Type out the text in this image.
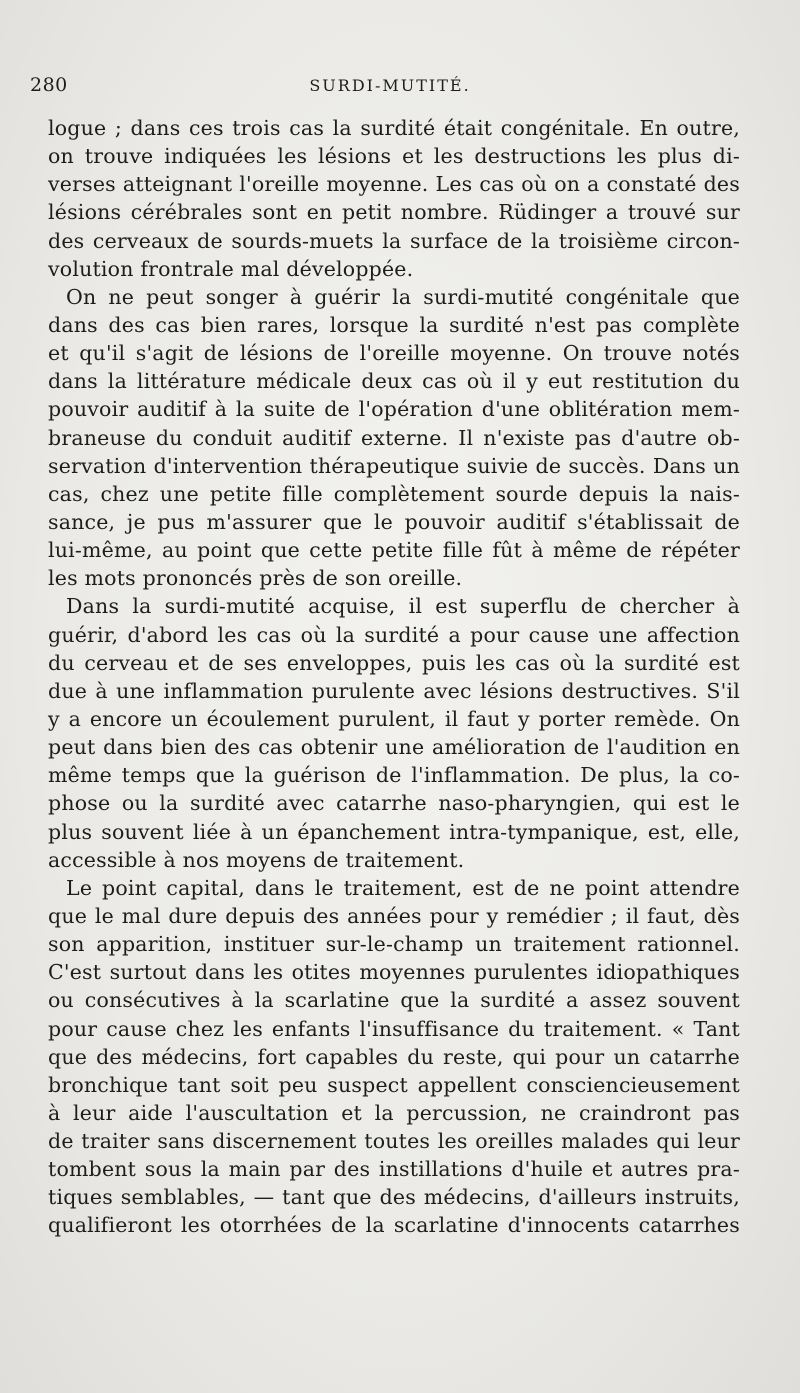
280	SURDI-MUTITÉ.
logue ; dans ces trois cas la surdité était congénitale. En outre,
on trouve indiquées les lésions et les destructions les plus di-
verses atteignant l'oreille moyenne. Les cas où on a constaté des
lésions cérébrales sont en petit nombre. Rüdinger a trouvé sur
des cerveaux de sourds-muets la surface de la troisième circon-
volution frontrale mal développée.
On ne peut songer à guérir la surdi-mutité congénitale que
dans des cas bien rares, lorsque la surdité n'est pas complète
et qu'il s'agit de lésions de l'oreille moyenne. On trouve notés
dans la littérature médicale deux cas où il y eut restitution du
pouvoir auditif à la suite de l'opération d'une oblitération mem-
braneuse du conduit auditif externe. Il n'existe pas d'autre ob-
servation d'intervention thérapeutique suivie de succès. Dans un
cas, chez une petite fille complètement sourde depuis la nais-
sance, je pus m'assurer que le pouvoir auditif s'établissait de
lui-même, au point que cette petite fille fût à même de répéter
les mots prononcés près de son oreille.
Dans la surdi-mutité acquise, il est superflu de chercher à
guérir, d'abord les cas où la surdité a pour cause une affection
du cerveau et de ses enveloppes, puis les cas où la surdité est
due à une inflammation purulente avec lésions destructives. S'il
y a encore un écoulement purulent, il faut y porter remède. On
peut dans bien des cas obtenir une amélioration de l'audition en
même temps que la guérison de l'inflammation. De plus, la co-
phose ou la surdité avec catarrhe naso-pharyngien, qui est le
plus souvent liée à un épanchement intra-tympanique, est, elle,
accessible à nos moyens de traitement.
Le point capital, dans le traitement, est de ne point attendre
que le mal dure depuis des années pour y remédier ; il faut, dès
son apparition, instituer sur-le-champ un traitement rationnel.
C'est surtout dans les otites moyennes purulentes idiopathiques
ou consécutives à la scarlatine que la surdité a assez souvent
pour cause chez les enfants l'insuffisance du traitement. « Tant
que des médecins, fort capables du reste, qui pour un catarrhe
bronchique tant soit peu suspect appellent consciencieusement
à leur aide l'auscultation et la percussion, ne craindront pas
de traiter sans discernement toutes les oreilles malades qui leur
tombent sous la main par des instillations d'huile et autres pra-
tiques semblables, — tant que des médecins, d'ailleurs instruits,
qualifieront les otorrhées de la scarlatine d'innocents catarrhes
